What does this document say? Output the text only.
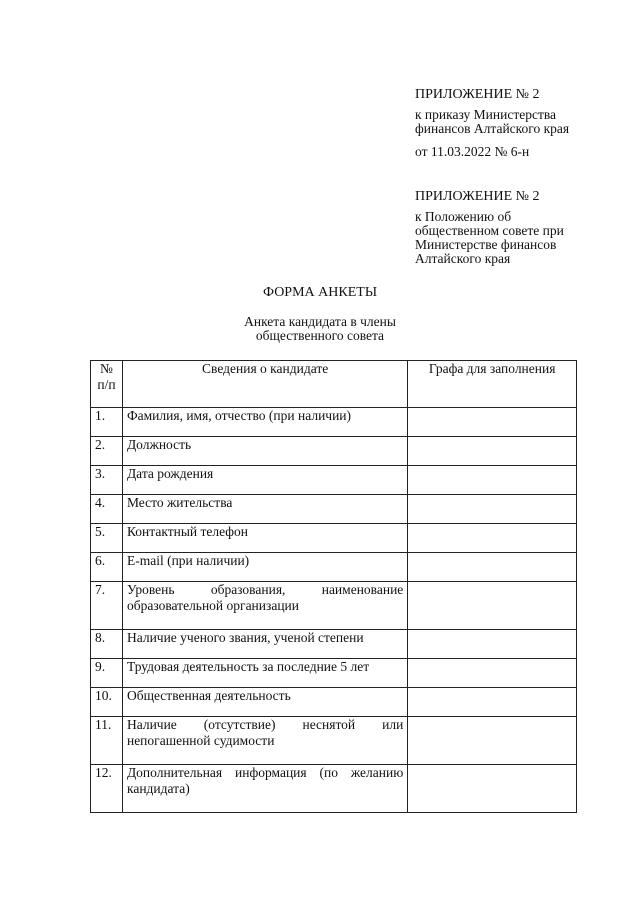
ПРИЛОЖЕНИЕ № 2
к приказу Министерства
финансов Алтайского края
от 11.03.2022 № 6-н
ПРИЛОЖЕНИЕ № 2
к Положению об
общественном совете при
Министерстве финансов
Алтайского края
ФОРМА АНКЕТЫ
Анкета кандидата в члены
общественного совета
№
п/п	Сведения о кандидате	Графа для заполнения
1.	Фамилия, имя, отчество (при наличии)	

2.	Должность	

3.	Дата рождения	

4.	Место жительства	

5.	Контактный телефон	

6.	E-mail (при наличии)	

7.	Уровень образования, наименование
образовательной организации	

8.	Наличие ученого звания, ученой степени	

9.	Трудовая деятельность за последние 5 лет	

10.	Общественная деятельность	

11.	Наличие (отсутствие) неснятой или
непогашенной судимости	

12.	Дополнительная информация (по желанию
кандидата)	
